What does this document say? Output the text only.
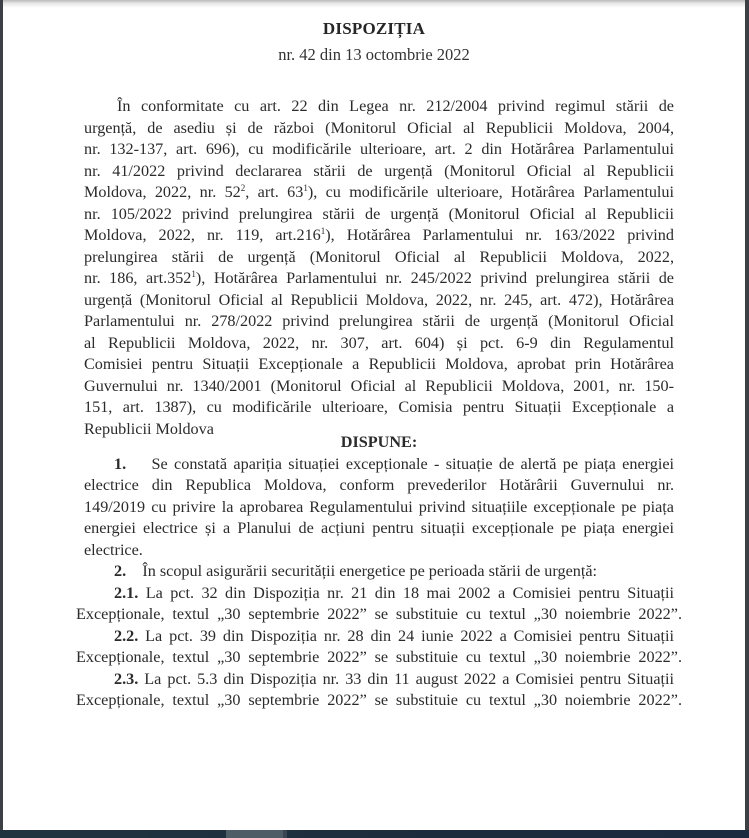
DISPOZIȚIA
nr. 42 din 13 octombrie 2022
În conformitate cu art. 22 din Legea nr. 212/2004 privind regimul stării de
urgență, de asediu și de război (Monitorul Oficial al Republicii Moldova, 2004,
nr. 132-137, art. 696), cu modificările ulterioare, art. 2 din Hotărârea Parlamentului
nr. 41/2022 privind declararea stării de urgență (Monitorul Oficial al Republicii
Moldova, 2022, nr. $52^2$, art. $63^1$), cu modificările ulterioare, Hotărârea Parlamentului
nr. 105/2022 privind prelungirea stării de urgență (Monitorul Oficial al Republicii
Moldova, 2022, nr. 119, art.216$^1$), Hotărârea Parlamentului nr. 163/2022 privind
prelungirea stării de urgență (Monitorul Oficial al Republicii Moldova, 2022,
nr. 186, art.352$^1$), Hotărârea Parlamentului nr. 245/2022 privind prelungirea stării de
urgență (Monitorul Oficial al Republicii Moldova, 2022, nr. 245, art. 472), Hotărârea
Parlamentului nr. 278/2022 privind prelungirea stării de urgență (Monitorul Oficial
al Republicii Moldova, 2022, nr. 307, art. 604) și pct. 6-9 din Regulamentul
Comisiei pentru Situații Excepționale a Republicii Moldova, aprobat prin Hotărârea
Guvernului nr. 1340/2001 (Monitorul Oficial al Republicii Moldova, 2001, nr. 150-
151, art. 1387), cu modificările ulterioare, Comisia pentru Situații Excepționale a
Republicii Moldova
DISPUNE:
1. Se constată apariția situației excepționale - situație de alertă pe piața energiei
electrice din Republica Moldova, conform prevederilor Hotărârii Guvernului nr.
149/2019 cu privire la aprobarea Regulamentului privind situațiile excepționale pe piața
energiei electrice și a Planului de acțiuni pentru situații excepționale pe piața energiei
electrice.
2. În scopul asigurării securității energetice pe perioada stării de urgență:
2.1. La pct. 32 din Dispoziția nr. 21 din 18 mai 2002 a Comisiei pentru Situații
Excepționale, textul „30 septembrie 2022” se substituie cu textul „30 noiembrie 2022”.
2.2. La pct. 39 din Dispoziția nr. 28 din 24 iunie 2022 a Comisiei pentru Situații
Excepționale, textul „30 septembrie 2022” se substituie cu textul „30 noiembrie 2022”.
2.3. La pct. 5.3 din Dispoziția nr. 33 din 11 august 2022 a Comisiei pentru Situații
Excepționale, textul „30 septembrie 2022” se substituie cu textul „30 noiembrie 2022”.
